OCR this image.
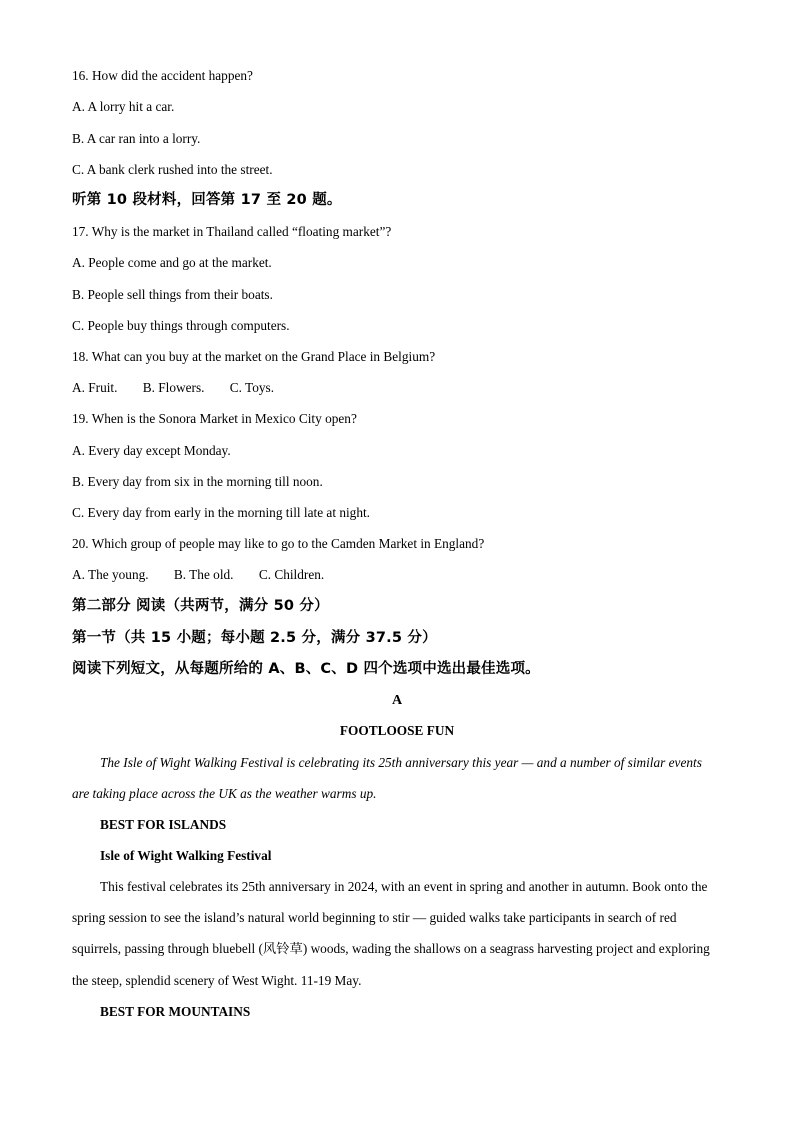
16. How did the accident happen?
A. A lorry hit a car.
B. A car ran into a lorry.
C. A bank clerk rushed into the street.
听第 10 段材料，回答第 17 至 20 题。
17. Why is the market in Thailand called “floating market”?
A. People come and go at the market.
B. People sell things from their boats.
C. People buy things through computers.
18. What can you buy at the market on the Grand Place in Belgium?
A. Fruit. B. Flowers. C. Toys.
19. When is the Sonora Market in Mexico City open?
A. Every day except Monday.
B. Every day from six in the morning till noon.
C. Every day from early in the morning till late at night.
20. Which group of people may like to go to the Camden Market in England?
A. The young. B. The old. C. Children.
第二部分 阅读（共两节，满分 50 分）
第一节（共 15 小题；每小题 2.5 分，满分 37.5 分）
阅读下列短文，从每题所给的 A、B、C、D 四个选项中选出最佳选项。
A
FOOTLOOSE FUN
The Isle of Wight Walking Festival is celebrating its 25th anniversary this year — and a number of similar events are taking place across the UK as the weather warms up.
BEST FOR ISLANDS
Isle of Wight Walking Festival
This festival celebrates its 25th anniversary in 2024, with an event in spring and another in autumn. Book onto the spring session to see the island’s natural world beginning to stir — guided walks take participants in search of red squirrels, passing through bluebell (风铃草) woods, wading the shallows on a seagrass harvesting project and exploring the steep, splendid scenery of West Wight. 11-19 May.
BEST FOR MOUNTAINS
